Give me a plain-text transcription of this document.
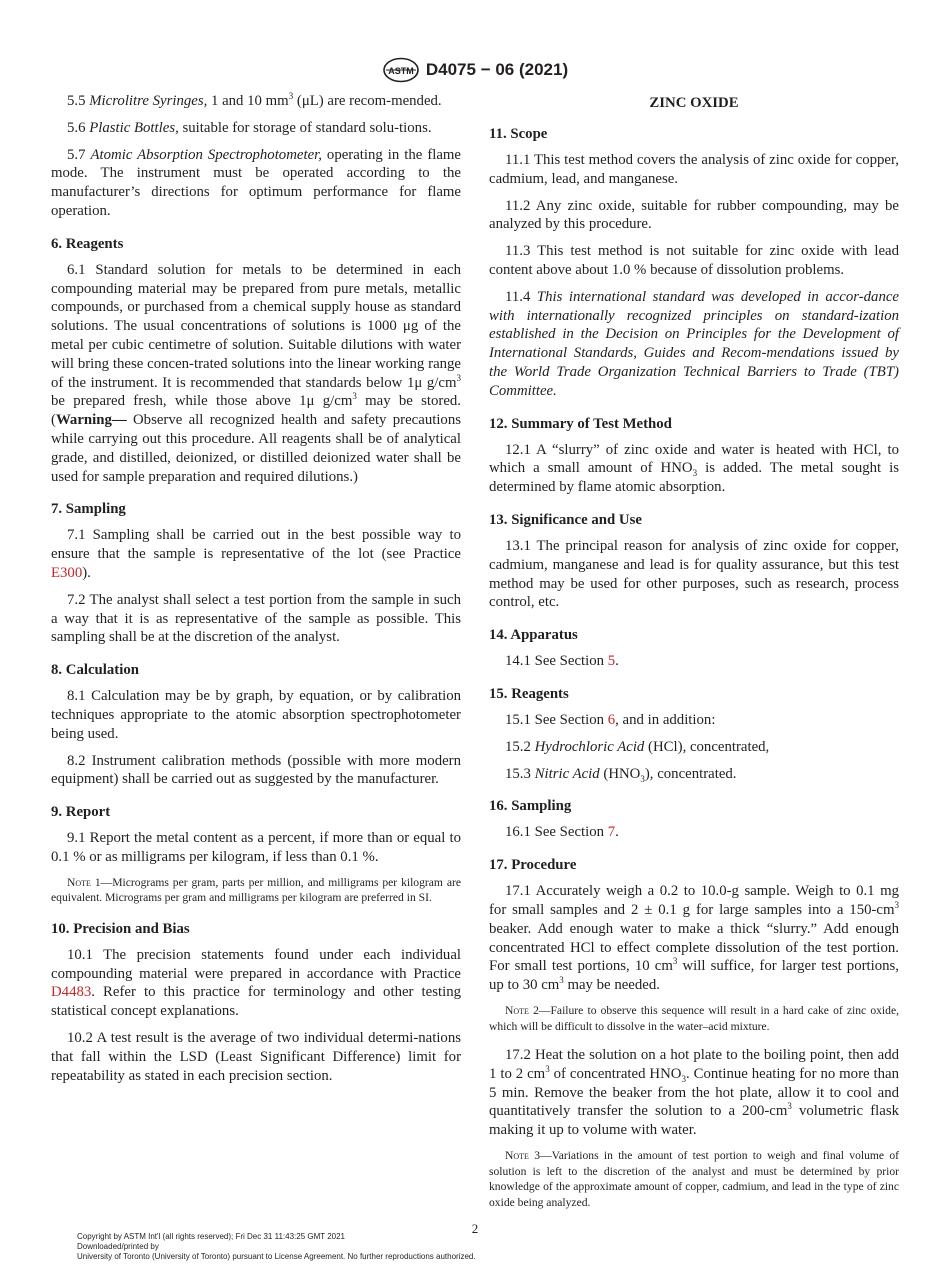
ASTM D4075 − 06 (2021)

5.5 Microlitre Syringes, 1 and 10 $mm^3$ (μL) are recom-mended.

5.6 Plastic Bottles, suitable for storage of standard solu-tions.

5.7 Atomic Absorption Spectrophotometer, operating in the flame mode. The instrument must be operated according to the manufacturer’s directions for optimum performance for flame operation.

6. Reagents

6.1 Standard solution for metals to be determined in each compounding material may be prepared from pure metals, metallic compounds, or purchased from a chemical supply house as standard solutions. The usual concentrations of solutions is 1000 μg of the metal per cubic centimetre of solution. Suitable dilutions with water will bring these concen-trated solutions into the linear working range of the instrument. It is recommended that standards below 1μ $g/cm^3$ be prepared fresh, while those above 1μ $g/cm^3$ may be stored. (Warning— Observe all recognized health and safety precautions while carrying out this procedure. All reagents shall be of analytical grade, and distilled, deionized, or distilled deionized water shall be used for sample preparation and required dilutions.)

7. Sampling

7.1 Sampling shall be carried out in the best possible way to ensure that the sample is representative of the lot (see Practice E300).

7.2 The analyst shall select a test portion from the sample in such a way that it is as representative of the sample as possible. This sampling shall be at the discretion of the analyst.

8. Calculation

8.1 Calculation may be by graph, by equation, or by calibration techniques appropriate to the atomic absorption spectrophotometer being used.

8.2 Instrument calibration methods (possible with more modern equipment) shall be carried out as suggested by the manufacturer.

9. Report

9.1 Report the metal content as a percent, if more than or equal to 0.1 % or as milligrams per kilogram, if less than 0.1 %.

Note 1—Micrograms per gram, parts per million, and milligrams per kilogram are equivalent. Micrograms per gram and milligrams per kilogram are preferred in SI.

10. Precision and Bias

10.1 The precision statements found under each individual compounding material were prepared in accordance with Practice D4483. Refer to this practice for terminology and other testing statistical concept explanations.

10.2 A test result is the average of two individual determi-nations that fall within the LSD (Least Significant Difference) limit for repeatability as stated in each precision section.

ZINC OXIDE
11. Scope

11.1 This test method covers the analysis of zinc oxide for copper, cadmium, lead, and manganese.

11.2 Any zinc oxide, suitable for rubber compounding, may be analyzed by this procedure.

11.3 This test method is not suitable for zinc oxide with lead content above about 1.0 % because of dissolution problems.

11.4 This international standard was developed in accor-dance with internationally recognized principles on standard-ization established in the Decision on Principles for the Development of International Standards, Guides and Recom-mendations issued by the World Trade Organization Technical Barriers to Trade (TBT) Committee.

12. Summary of Test Method

12.1 A “slurry” of zinc oxide and water is heated with HCl, to which a small amount of $HNO_3$ is added. The metal sought is determined by flame atomic absorption.

13. Significance and Use

13.1 The principal reason for analysis of zinc oxide for copper, cadmium, manganese and lead is for quality assurance, but this test method may be used for other purposes, such as research, process control, etc.

14. Apparatus

14.1 See Section 5.

15. Reagents

15.1 See Section 6, and in addition:

15.2 Hydrochloric Acid (HCl), concentrated,

15.3 Nitric Acid $(HNO_3)$, concentrated.

16. Sampling

16.1 See Section 7.

17. Procedure

17.1 Accurately weigh a 0.2 to 10.0-g sample. Weigh to 0.1 mg for small samples and 2 ± 0.1 g for large samples into a $150-cm^3$ beaker. Add enough water to make a thick “slurry.” Add enough concentrated HCl to effect complete dissolution of the test portion. For small test portions, 10 $cm^3$ will suffice, for larger test portions, up to 30 $cm^3$ may be needed.

Note 2—Failure to observe this sequence will result in a hard cake of zinc oxide, which will be difficult to dissolve in the water–acid mixture.

17.2 Heat the solution on a hot plate to the boiling point, then add 1 to 2 $cm^3$ of concentrated $HNO_3$. Continue heating for no more than 5 min. Remove the beaker from the hot plate, allow it to cool and quantitatively transfer the solution to a $200-cm^3$ volumetric flask making it up to volume with water.

Note 3—Variations in the amount of test portion to weigh and final volume of solution is left to the discretion of the analyst and must be determined by prior knowledge of the approximate amount of copper, cadmium, and lead in the type of zinc oxide being analyzed.

2
Copyright by ASTM Int'l (all rights reserved); Fri Dec 31 11:43:25 GMT 2021
Downloaded/printed by
University of Toronto (University of Toronto) pursuant to License Agreement. No further reproductions authorized.
